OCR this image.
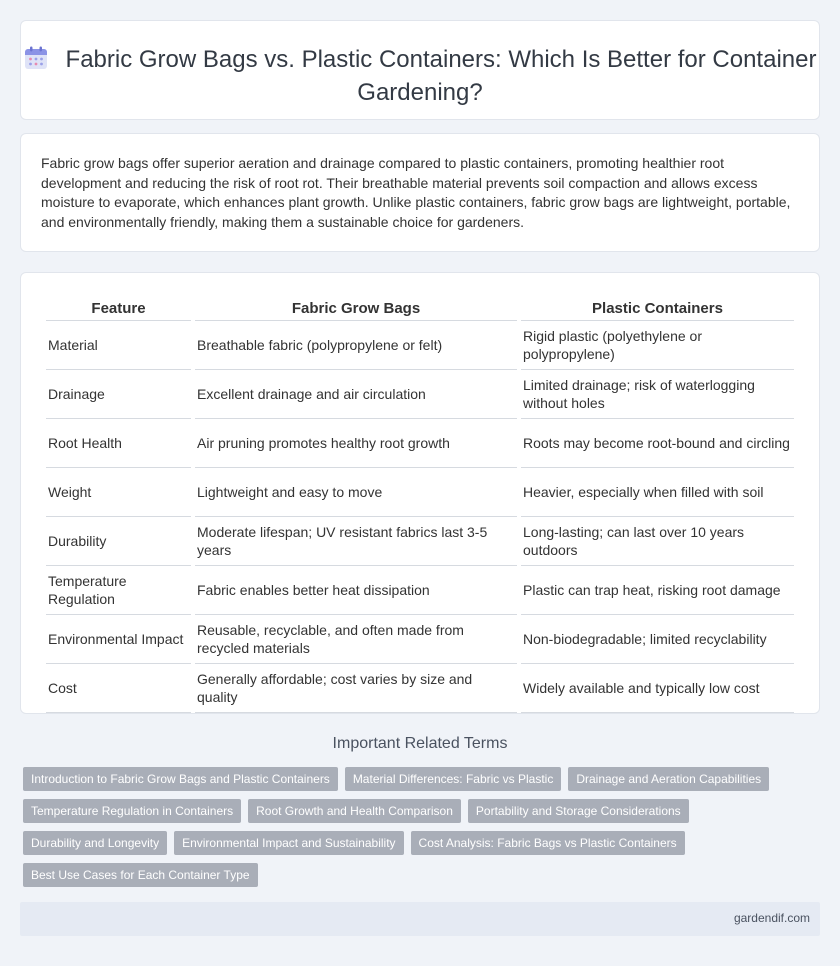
Fabric Grow Bags vs. Plastic Containers: Which Is Better for Container Gardening?

Fabric grow bags offer superior aeration and drainage compared to plastic containers, promoting healthier root development and reducing the risk of root rot. Their breathable material prevents soil compaction and allows excess moisture to evaporate, which enhances plant growth. Unlike plastic containers, fabric grow bags are lightweight, portable, and environmentally friendly, making them a sustainable choice for gardeners.

Feature	Fabric Grow Bags	Plastic Containers
Material	Breathable fabric (polypropylene or felt)	Rigid plastic (polyethylene or polypropylene)
Drainage	Excellent drainage and air circulation	Limited drainage; risk of waterlogging without holes
Root Health	Air pruning promotes healthy root growth	Roots may become root-bound and circling
Weight	Lightweight and easy to move	Heavier, especially when filled with soil
Durability	Moderate lifespan; UV resistant fabrics last 3-5 years	Long-lasting; can last over 10 years outdoors
Temperature Regulation	Fabric enables better heat dissipation	Plastic can trap heat, risking root damage
Environmental Impact	Reusable, recyclable, and often made from recycled materials	Non-biodegradable; limited recyclability
Cost	Generally affordable; cost varies by size and quality	Widely available and typically low cost
Important Related Terms
Introduction to Fabric Grow Bags and Plastic Containers	Material Differences: Fabric vs Plastic	Drainage and Aeration Capabilities
Temperature Regulation in Containers	Root Growth and Health Comparison	Portability and Storage Considerations
Durability and Longevity	Environmental Impact and Sustainability	Cost Analysis: Fabric Bags vs Plastic Containers
Best Use Cases for Each Container Type
gardendif.com
